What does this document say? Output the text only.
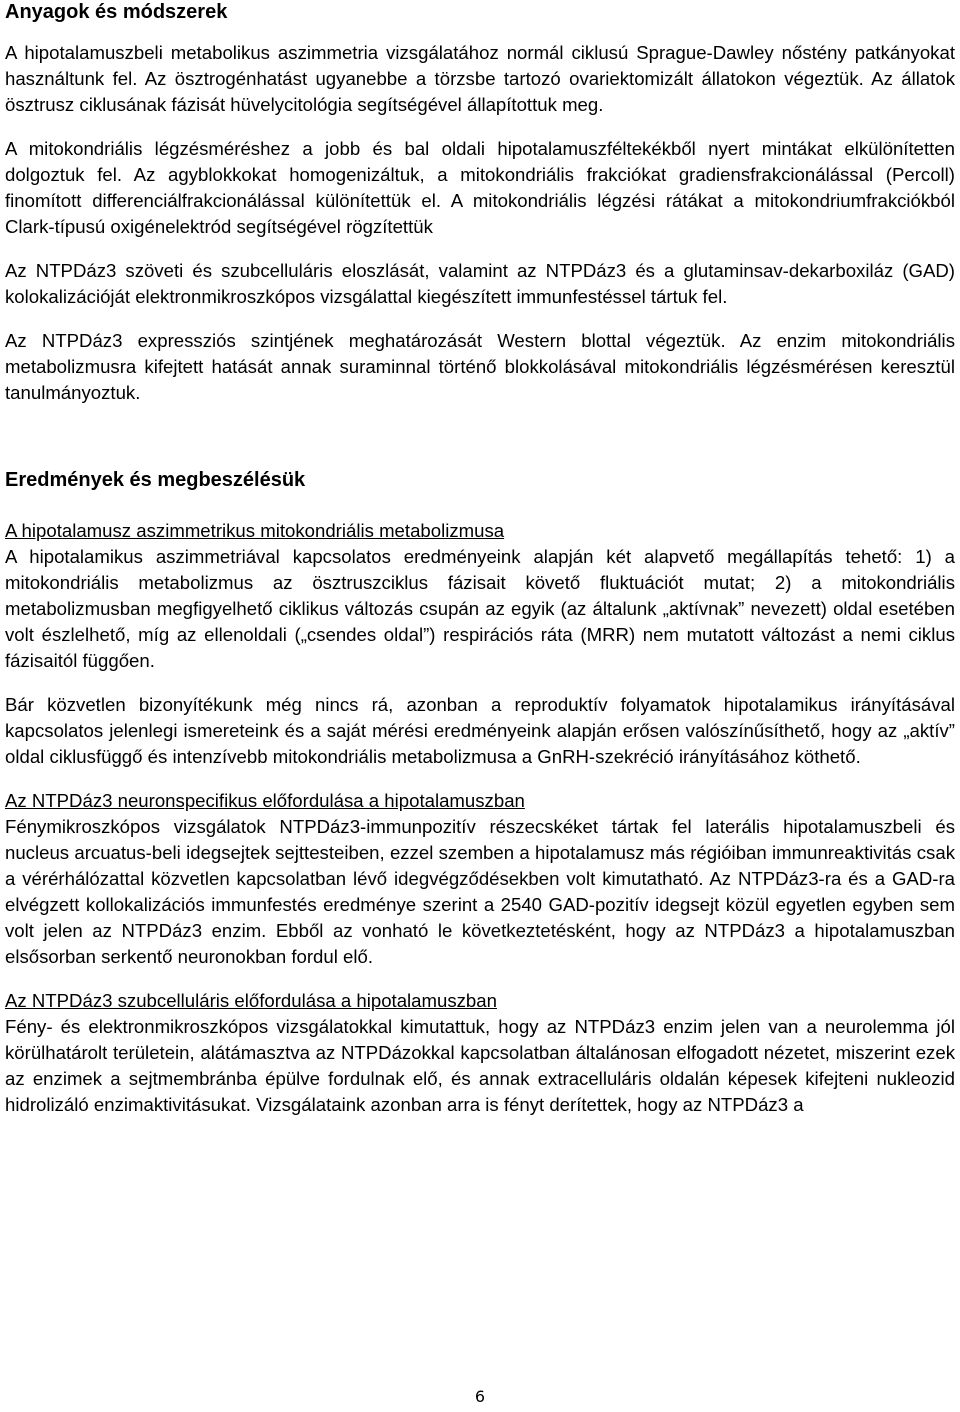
Anyagok és módszerek

A hipotalamuszbeli metabolikus aszimmetria vizsgálatához normál ciklusú Sprague-Dawley nőstény patkányokat használtunk fel. Az ösztrogénhatást ugyanebbe a törzsbe tartozó ovariektomizált állatokon végeztük. Az állatok ösztrusz ciklusának fázisát hüvelycitológia segítségével állapítottuk meg.

A mitokondriális légzésméréshez a jobb és bal oldali hipotalamuszféltekékből nyert mintákat elkülönítetten dolgoztuk fel. Az agyblokkokat homogenizáltuk, a mitokondriális frakciókat gradiensfrakcionálással (Percoll) finomított differenciálfrakcionálással különítettük el. A mitokondriális légzési rátákat a mitokondriumfrakciókból Clark-típusú oxigénelektród segítségével rögzítettük

Az NTPDáz3 szöveti és szubcelluláris eloszlását, valamint az NTPDáz3 és a glutaminsav-dekarboxiláz (GAD) kolokalizációját elektronmikroszkópos vizsgálattal kiegészített immunfestéssel tártuk fel.

Az NTPDáz3 expressziós szintjének meghatározását Western blottal végeztük. Az enzim mitokondriális metabolizmusra kifejtett hatását annak suraminnal történő blokkolásával mitokondriális légzésmérésen keresztül tanulmányoztuk.

Eredmények és megbeszélésük
A hipotalamusz aszimmetrikus mitokondriális metabolizmusa

A hipotalamikus aszimmetriával kapcsolatos eredményeink alapján két alapvető megállapítás tehető: 1) a mitokondriális metabolizmus az ösztruszciklus fázisait követő fluktuációt mutat; 2) a mitokondriális metabolizmusban megfigyelhető ciklikus változás csupán az egyik (az általunk „aktívnak” nevezett) oldal esetében volt észlelhető, míg az ellenoldali („csendes oldal”) respirációs ráta (MRR) nem mutatott változást a nemi ciklus fázisaitól függően.

Bár közvetlen bizonyítékunk még nincs rá, azonban a reproduktív folyamatok hipotalamikus irányításával kapcsolatos jelenlegi ismereteink és a saját mérési eredményeink alapján erősen valószínűsíthető, hogy az „aktív” oldal ciklusfüggő és intenzívebb mitokondriális metabolizmusa a GnRH-szekréció irányításához köthető.

Az NTPDáz3 neuronspecifikus előfordulása a hipotalamuszban

Fénymikroszkópos vizsgálatok NTPDáz3-immunpozitív részecskéket tártak fel laterális hipotalamuszbeli és nucleus arcuatus-beli idegsejtek sejttesteiben, ezzel szemben a hipotalamusz más régióiban immunreaktivitás csak a vérérhálózattal közvetlen kapcsolatban lévő idegvégződésekben volt kimutatható. Az NTPDáz3-ra és a GAD-ra elvégzett kollokalizációs immunfestés eredménye szerint a 2540 GAD-pozitív idegsejt közül egyetlen egyben sem volt jelen az NTPDáz3 enzim. Ebből az vonható le következtetésként, hogy az NTPDáz3 a hipotalamuszban elsősorban serkentő neuronokban fordul elő.

Az NTPDáz3 szubcelluláris előfordulása a hipotalamuszban

Fény- és elektronmikroszkópos vizsgálatokkal kimutattuk, hogy az NTPDáz3 enzim jelen van a neurolemma jól körülhatárolt területein, alátámasztva az NTPDázokkal kapcsolatban általánosan elfogadott nézetet, miszerint ezek az enzimek a sejtmembránba épülve fordulnak elő, és annak extracelluláris oldalán képesek kifejteni nukleozid hidrolizáló enzimaktivitásukat. Vizsgálataink azonban arra is fényt derítettek, hogy az NTPDáz3 a

6
